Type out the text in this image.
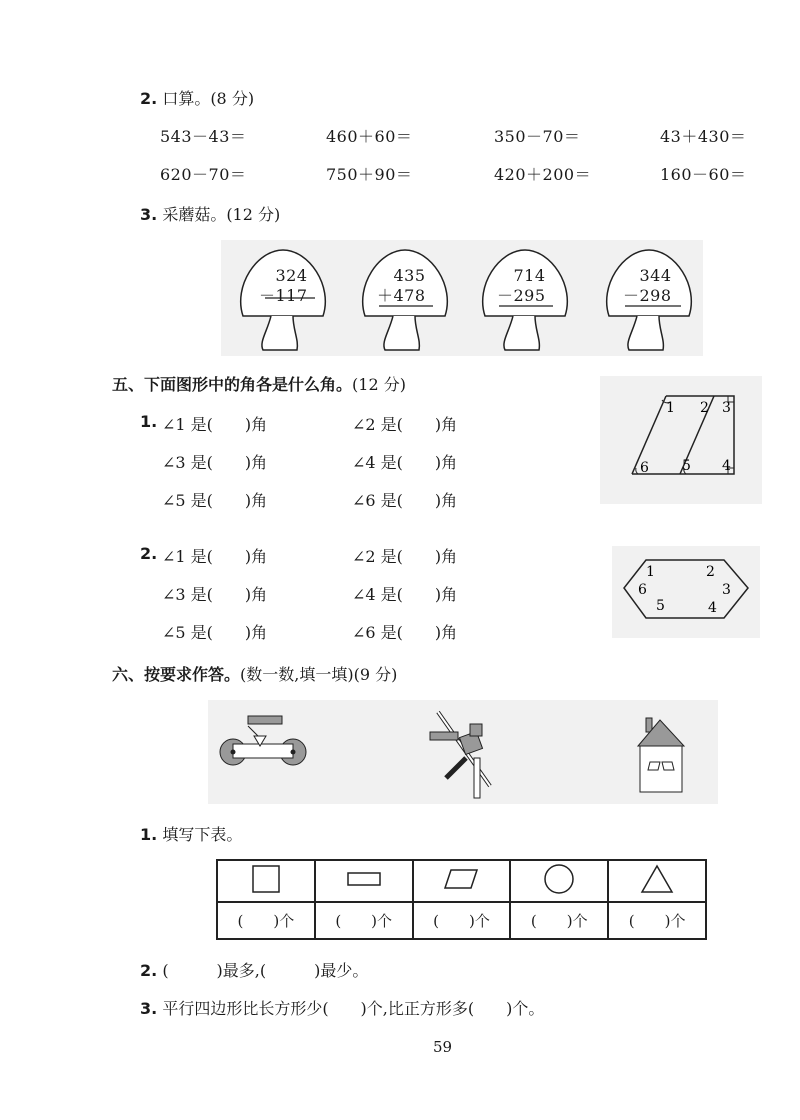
2. 口算。(8 分)
543－43＝	460＋60＝	350－70＝	43＋430＝
620－70＝	750＋90＝	420＋200＝	160－60＝
3. 采蘑菇。(12 分)
324
－117
435
＋478
714
－295
344
－298
五、下面图形中的角各是什么角。(12 分)
1. ∠1 是(　　)角	∠2 是(　　)角
∠3 是(　　)角	∠4 是(　　)角
∠5 是(　　)角	∠6 是(　　)角
1 2 3
4
5
6
2. ∠1 是(　　)角	∠2 是(　　)角
∠3 是(　　)角	∠4 是(　　)角
∠5 是(　　)角	∠6 是(　　)角
1	2
3
4
5
6
六、按要求作答。(数一数,填一填)(9 分)
1. 填写下表。

(　　)个	(　　)个	(　　)个	(　　)个	(　　)个
2. (　　　)最多,(　　　)最少。
3. 平行四边形比长方形少(　　)个,比正方形多(　　)个。
59
